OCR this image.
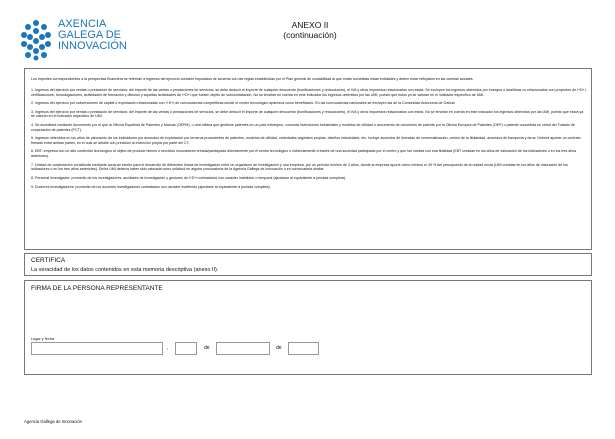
AXENCIA
GALEGA DE
INNOVACIÓN
ANEXO II
(continuación)
Los importes correspondientes a la perspectiva financiera se referirán a ingresos del ejercicio contable imputados de acuerdo con las reglas establecidas por el Plan general de contabilidad al que están sometidas estas entidades y deben estar reflejados en las cuentas anuales.
1. Ingresos del ejercicio por ventas o prestación de servicios: del importe de las ventas o prestaciones de servicios, se debe deducir el importe de cualquier descuento (bonificaciones y reducciones), el IVA y otros impuestos relacionados con estas. Se excluyen los ingresos obtenidos por ensayos o analíticas no relacionados con proyectos de I+D+i, certificaciones, homologaciones, actividades de formación y difusión y aquellas actividades de I+D+i que fuesen objeto de subcontratación. No se tendrán en cuenta en este indicador los ingresos obtenidos por las UMI, puesto que estos ya se valoran en el indicador específico de UMI.
2. Ingresos del ejercicio por subvenciones de capital o explotación relacionadas con I+D+i de convocatorias competitivas donde el centro tecnológico aparezca como beneficiario. En las convocatorias nacionales se excluyen las de la Comunidad Autónoma de Galicia.
3. Ingresos del ejercicio por ventas o prestación de servicios: del importe de las ventas o prestaciones de servicios, se debe deducir el importe de cualquier descuento (bonificaciones y reducciones), el IVA y otros impuestos relacionados con estas. No se tendrán en cuenta en este indicador los ingresos obtenidos por las UMI, puesto que estos ya se valoran en el indicador específico de UMI.
4. Se acreditará mediante documento por el que la Oficina Española de Patentes y Marcas (OEPM), u otra oficina que gestione patentes en un país extranjero, conceda invenciones industriales y modelos de utilidad o documento de concesión de patente por la Oficina Europea de Patentes (OEP) o patente concedida en virtud del Tratado de cooperación de patentes (PCT).
5. Ingresos obtenidos en los años de valoración de los indicadores por acuerdos de explotación por terceros procedentes de patentes, modelos de utilidad, variedades vegetales propias, diseños industriales, etc. Incluye acuerdos de licencias de comercialización, cesión de la titularidad, acuerdos de franquicia y otros. Deberá aportar un contrato firmado entre ambas partes, en el cual se detalle con precisión la invención propia por parte del CT.
6. EBT: empresa con un alto contenido tecnológico al objeto de producir bienes o servicios innovadores creada/participada directamente por el centro tecnológico o indirectamente a través de una sociedad participada por el centro y que fue creada con esa finalidad (EBT creadas en los años de valoración de los indicadores o en los tres años anteriores).
7. Unidad de colaboración constituida mediante acuerdo escrito para el desarrollo de diferentes líneas de investigación entre un organismo de investigación y una empresa, por un período mínimo de 3 años, donde la empresa aporte como mínimo el 49 % del presupuesto de la unidad mixta (UMI creadas en los años de valoración de los indicadores o en los tres años anteriores). Dicha UMI debería haber sido valorada como solicitud en alguna convocatoria de la Agencia Gallega de Innovación o en convocatoria similar.
8. Personal investigador: promedio de los investigadores, auxiliares de investigación y gestores de I+D+i contratados con carácter indefinido o temporal (ajustarse al equivalente a jornada completa).
9. Doctores investigadores: promedio de los doctores investigadores contratados con carácter indefinido (ajustarse al equivalente a jornada completa).
CERTIFICA
La veracidad de los datos contenidos en esta memoria descriptiva (anexo II).
FIRMA DE LA PERSONA REPRESENTANTE
Lugar y fecha
,	de	de
Agencia Gallega de Innovación
